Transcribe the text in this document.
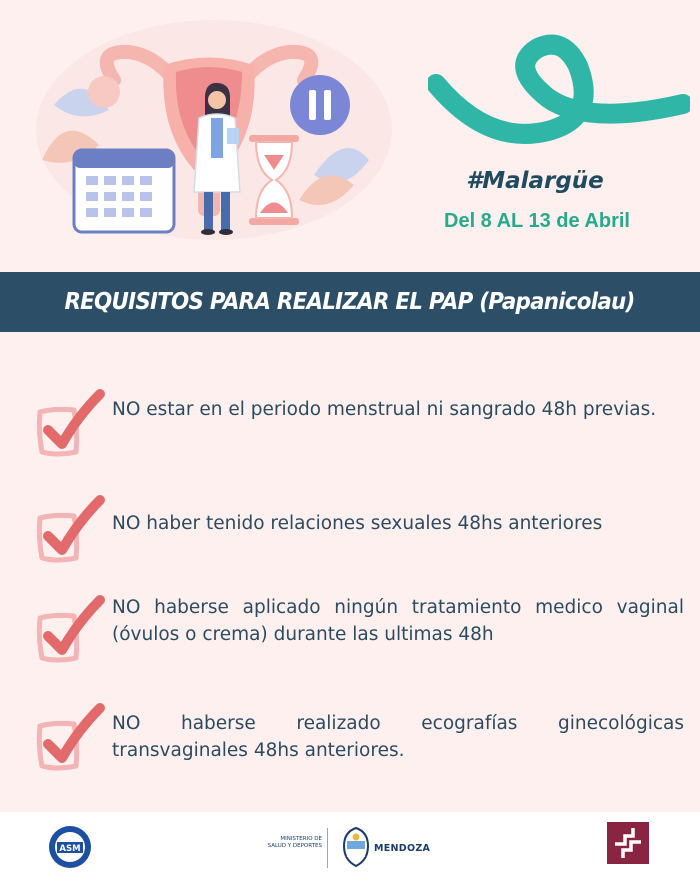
#Malargüe
Del 8 AL 13 de Abril
REQUISITOS PARA REALIZAR EL PAP (Papanicolau)
NO estar en el periodo menstrual ni sangrado 48h previas.
NO haber tenido relaciones sexuales 48hs anteriores
NO haberse aplicado ningún tratamiento medico vaginal (óvulos o crema) durante las ultimas 48h
NO haberse realizado ecografías ginecológicas transvaginales 48hs anteriores.
ASM
MINISTERIO DE
SALUD Y DEPORTES	MENDOZA
